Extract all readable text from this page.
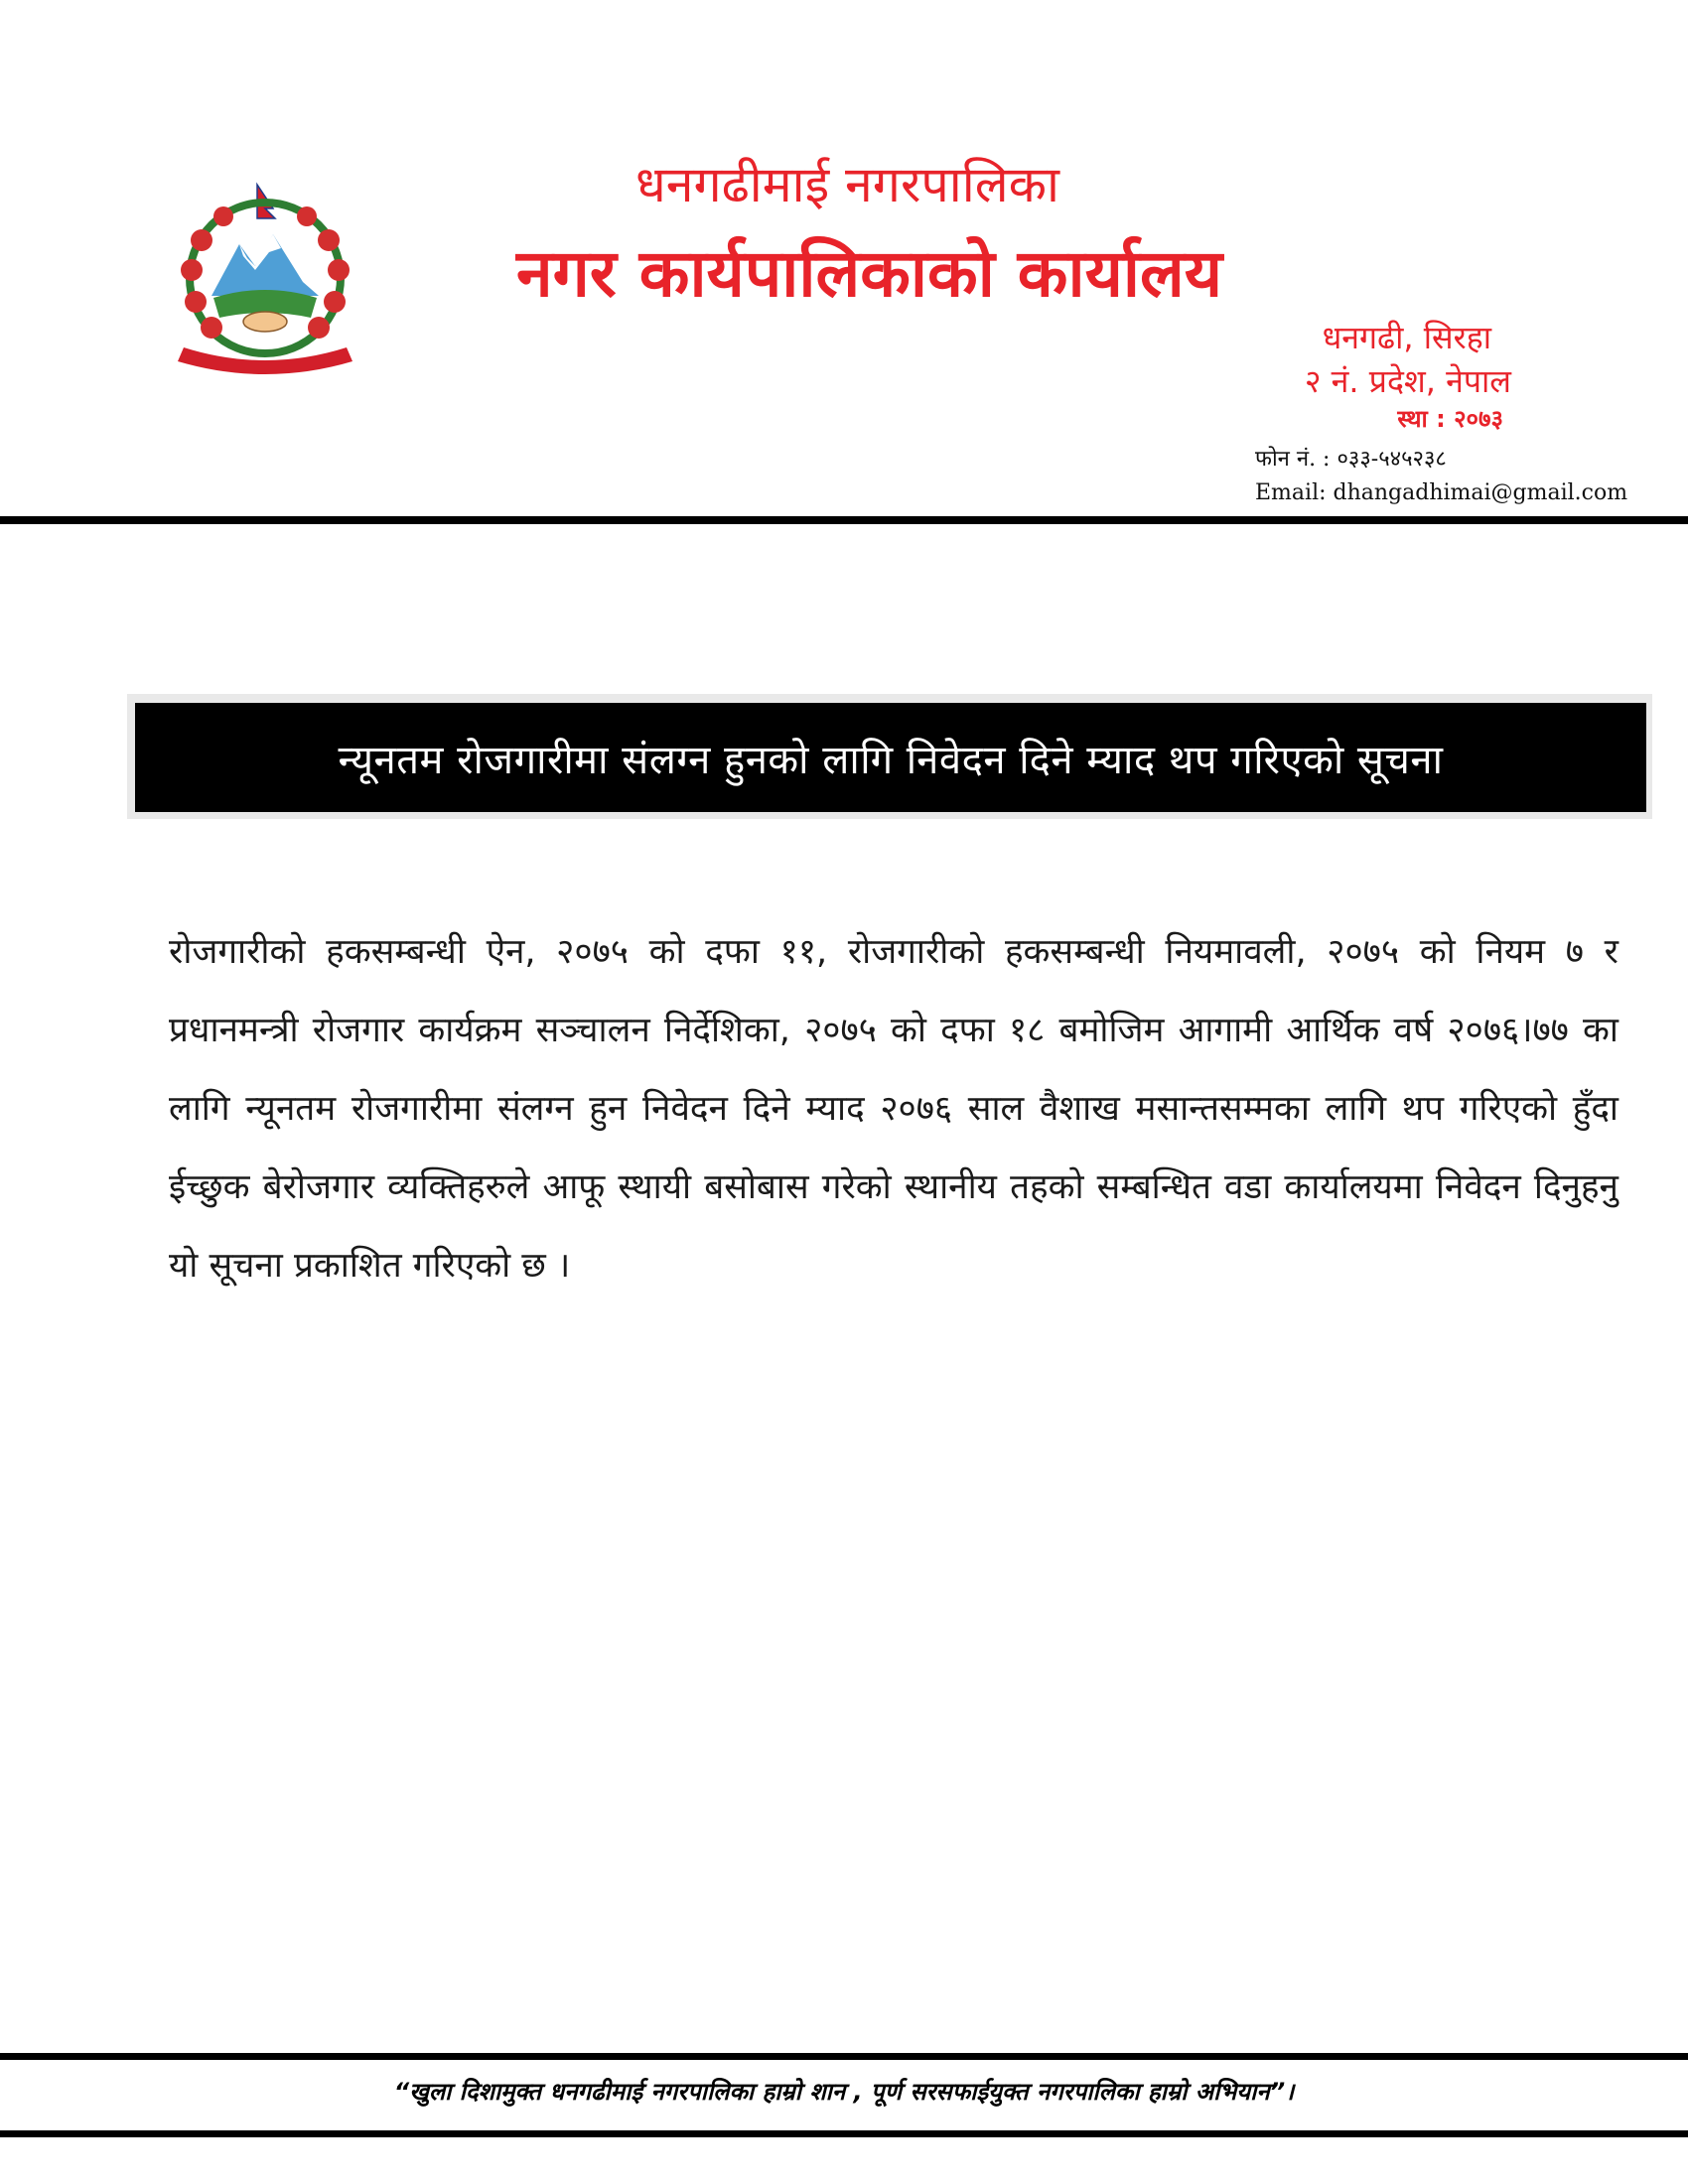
धनगढीमाई नगरपालिका
नगर कार्यपालिकाको कार्यालय
धनगढी, सिरहा
२ नं. प्रदेश, नेपाल
स्था : २०७३
फोन नं. : ०३३-५४५२३८
Email: dhangadhimai@gmail.com
न्यूनतम रोजगारीमा संलग्न हुनको लागि निवेदन दिने म्याद थप गरिएको सूचना
रोजगारीको हकसम्बन्धी ऐन, २०७५ को दफा ११, रोजगारीको हकसम्बन्धी नियमावली, २०७५ को नियम ७ र प्रधानमन्त्री रोजगार कार्यक्रम सञ्चालन निर्देशिका, २०७५ को दफा १८ बमोजिम आगामी आर्थिक वर्ष २०७६।७७ का लागि न्यूनतम रोजगारीमा संलग्न हुन निवेदन दिने म्याद २०७६ साल वैशाख मसान्तसम्मका लागि थप गरिएको हुँदा ईच्छुक बेरोजगार व्यक्तिहरुले आफू स्थायी बसोबास गरेको स्थानीय तहको सम्बन्धित वडा कार्यालयमा निवेदन दिनुहनु यो सूचना प्रकाशित गरिएको छ ।
“खुला दिशामुक्त धनगढीमाई नगरपालिका हाम्रो शान , पूर्ण सरसफाईयुक्त नगरपालिका हाम्रो अभियान”।
